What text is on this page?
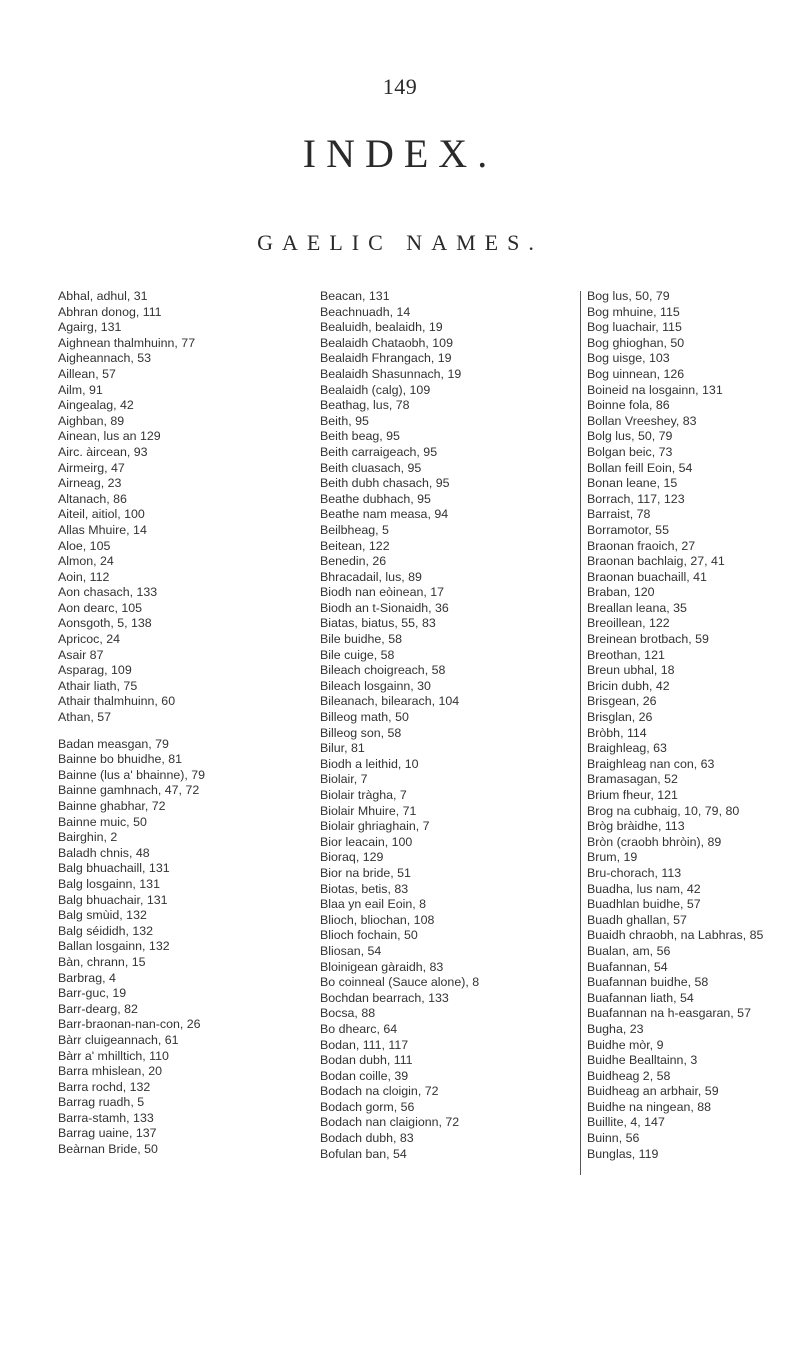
149
INDEX.
GAELIC NAMES.
Abhal, adhul, 31
Abhran donog, 111
Agairg, 131
Aighnean thalmhuinn, 77
Aigheannach, 53
Aillean, 57
Ailm, 91
Aingealag, 42
Aighban, 89
Ainean, lus an 129
Airc. àircean, 93
Airmeirg, 47
Airneag, 23
Altanach, 86
Aiteil, aitiol, 100
Allas Mhuire, 14
Aloe, 105
Almon, 24
Aoin, 112
Aon chasach, 133
Aon dearc, 105
Aonsgoth, 5, 138
Apricoc, 24
Asair 87
Asparag, 109
Athair liath, 75
Athair thalmhuinn, 60
Athan, 57
Badan measgan, 79
Bainne bo bhuidhe, 81
Bainne (lus a' bhainne), 79
Bainne gamhnach, 47, 72
Bainne ghabhar, 72
Bainne muic, 50
Bairghin, 2
Baladh chnis, 48
Balg bhuachaill, 131
Balg losgainn, 131
Balg bhuachair, 131
Balg smùid, 132
Balg séididh, 132
Ballan losgainn, 132
Bàn, chrann, 15
Barbrag, 4
Barr-guc, 19
Barr-dearg, 82
Barr-braonan-nan-con, 26
Bàrr cluigeannach, 61
Bàrr a' mhilltich, 110
Barra mhislean, 20
Barra rochd, 132
Barrag ruadh, 5
Barra-stamh, 133
Barrag uaine, 137
Beàrnan Bride, 50
Beacan, 131
Beachnuadh, 14
Bealuidh, bealaidh, 19
Bealaidh Chataobh, 109
Bealaidh Fhrangach, 19
Bealaidh Shasunnach, 19
Bealaidh (calg), 109
Beathag, lus, 78
Beith, 95
Beith beag, 95
Beith carraigeach, 95
Beith cluasach, 95
Beith dubh chasach, 95
Beathe dubhach, 95
Beathe nam measa, 94
Beilbheag, 5
Beitean, 122
Benedin, 26
Bhracadail, lus, 89
Biodh nan eòinean, 17
Biodh an t-Sionaidh, 36
Biatas, biatus, 55, 83
Bile buidhe, 58
Bile cuige, 58
Bileach choigreach, 58
Bileach losgainn, 30
Bileanach, bilearach, 104
Billeog math, 50
Billeog son, 58
Bilur, 81
Biodh a leithid, 10
Biolair, 7
Biolair tràgha, 7
Biolair Mhuire, 71
Biolair ghriaghain, 7
Bior leacain, 100
Bioraq, 129
Bior na bride, 51
Biotas, betis, 83
Blaa yn eail Eoin, 8
Blioch, bliochan, 108
Blioch fochain, 50
Bliosan, 54
Bloinigean gàraidh, 83
Bo coinneal (Sauce alone), 8
Bochdan bearrach, 133
Bocsa, 88
Bo dhearc, 64
Bodan, 111, 117
Bodan dubh, 111
Bodan coille, 39
Bodach na cloigin, 72
Bodach gorm, 56
Bodach nan claigionn, 72
Bodach dubh, 83
Bofulan ban, 54
Bog lus, 50, 79
Bog mhuine, 115
Bog luachair, 115
Bog ghioghan, 50
Bog uisge, 103
Bog uinnean, 126
Boineid na losgainn, 131
Boinne fola, 86
Bollan Vreeshey, 83
Bolg lus, 50, 79
Bolgan beic, 73
Bollan feill Eoin, 54
Bonan leane, 15
Borrach, 117, 123
Barraist, 78
Borramotor, 55
Braonan fraoich, 27
Braonan bachlaig, 27, 41
Braonan buachaill, 41
Braban, 120
Breallan leana, 35
Breoillean, 122
Breinean brotbach, 59
Breothan, 121
Breun ubhal, 18
Bricin dubh, 42
Brisgean, 26
Brisglan, 26
Bròbh, 114
Braighleag, 63
Braighleag nan con, 63
Bramasagan, 52
Brium fheur, 121
Brog na cubhaig, 10, 79, 80
Bròg bràidhe, 113
Bròn (craobh bhròin), 89
Brum, 19
Bru-chorach, 113
Buadha, lus nam, 42
Buadhlan buidhe, 57
Buadh ghallan, 57
Buaidh chraobh, na Labhras, 85
Bualan, am, 56
Buafannan, 54
Buafannan buidhe, 58
Buafannan liath, 54
Buafannan na h-easgaran, 57
Bugha, 23
Buidhe mòr, 9
Buidhe Bealltainn, 3
Buidheag 2, 58
Buidheag an arbhair, 59
Buidhe na ningean, 88
Buillite, 4, 147
Buinn, 56
Bunglas, 119
